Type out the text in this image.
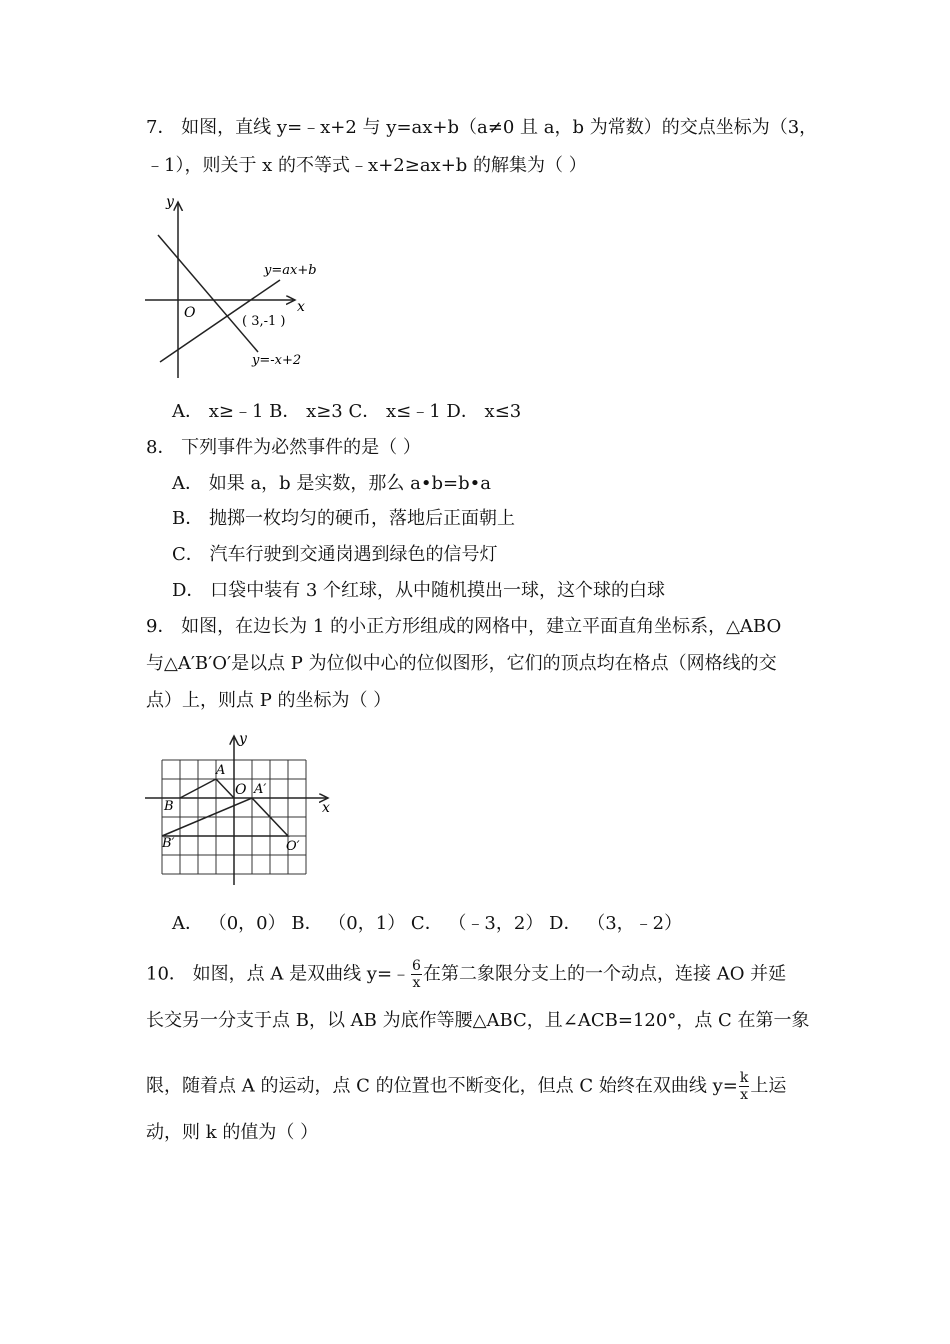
7． 如图，直线 y=﹣x+2 与 y=ax+b（a≠0 且 a，b 为常数）的交点坐标为（3，
﹣1），则关于 x 的不等式﹣x+2≥ax+b 的解集为（ ）
y
x
O
y=ax+b
y=-x+2
( 3,-1 )
A． x≥﹣1 B． x≥3 C． x≤﹣1 D． x≤3
8． 下列事件为必然事件的是（ ）
A． 如果 a，b 是实数，那么 a•b=b•a
B． 抛掷一枚均匀的硬币，落地后正面朝上
C． 汽车行驶到交通岗遇到绿色的信号灯
D． 口袋中装有 3 个红球，从中随机摸出一球，这个球的白球
9． 如图，在边长为 1 的小正方形组成的网格中，建立平面直角坐标系，△ABO
与△A′B′O′是以点 P 为位似中心的位似图形，它们的顶点均在格点（网格线的交
点）上，则点 P 的坐标为（ ）
y
x
A
O
B
A′
B′	O′
A． （0，0） B． （0，1） C． （﹣3，2） D． （3，﹣2）
10． 如图，点 A 是双曲线 y=﹣ $\frac{6}{x}$ 在第二象限分支上的一个动点，连接 AO 并延
长交另一分支于点 B，以 AB 为底作等腰△ABC，且∠ACB=120°，点 C 在第一象
限，随着点 A 的运动，点 C 的位置也不断变化，但点 C 始终在双曲线 $y= \frac{k}{x}$ 上运
动，则 k 的值为（ ）
